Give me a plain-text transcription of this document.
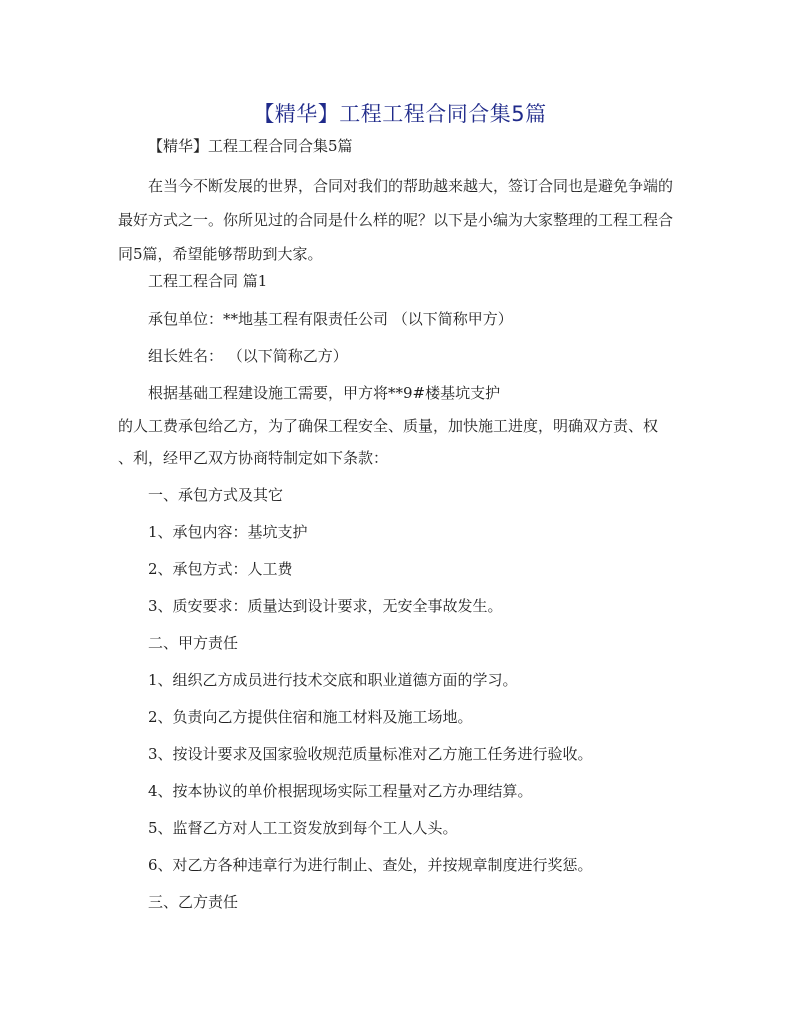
【精华】工程工程合同合集5篇
【精华】工程工程合同合集5篇
在当今不断发展的世界，合同对我们的帮助越来越大，签订合同也是避免争端的最好方式之一。你所见过的合同是什么样的呢？以下是小编为大家整理的工程工程合同5篇，希望能够帮助到大家。
工程工程合同 篇1
承包单位：**地基工程有限责任公司 （以下简称甲方）
组长姓名： （以下简称乙方）
根据基础工程建设施工需要，甲方将**9#楼基坑支护
的人工费承包给乙方，为了确保工程安全、质量，加快施工进度，明确双方责、权
、利，经甲乙双方协商特制定如下条款：
一、承包方式及其它
1、承包内容：基坑支护
2、承包方式：人工费
3、质安要求：质量达到设计要求，无安全事故发生。
二、甲方责任
1、组织乙方成员进行技术交底和职业道德方面的学习。
2、负责向乙方提供住宿和施工材料及施工场地。
3、按设计要求及国家验收规范质量标准对乙方施工任务进行验收。
4、按本协议的单价根据现场实际工程量对乙方办理结算。
5、监督乙方对人工工资发放到每个工人人头。
6、对乙方各种违章行为进行制止、查处，并按规章制度进行奖惩。
三、乙方责任
